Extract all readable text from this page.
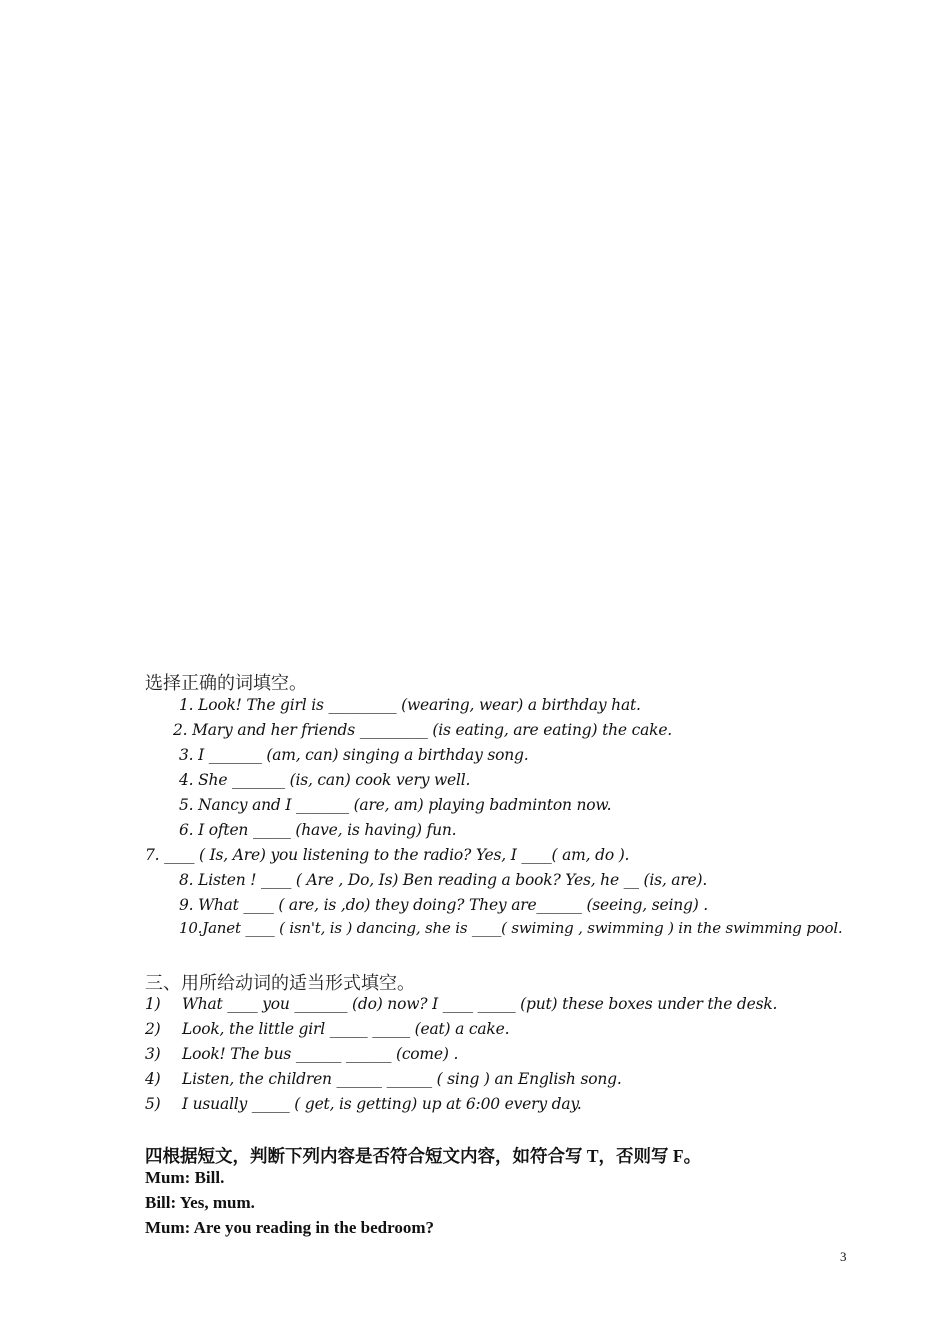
选择正确的词填空。
1. Look! The girl is _________ (wearing, wear) a birthday hat.
2. Mary and her friends _________ (is eating, are eating) the cake.
3. I _______ (am, can) singing a birthday song.
4. She _______ (is, can) cook very well.
5. Nancy and I _______ (are, am) playing badminton now.
6. I often _____ (have, is having) fun.
7. ____ ( Is, Are) you listening to the radio? Yes, I ____( am, do ).
8. Listen ! ____ ( Are , Do, Is) Ben reading a book? Yes, he __ (is, are).
9. What ____ ( are, is ,do) they doing? They are______ (seeing, seing) .
10.Janet ____ ( isn't, is ) dancing, she is ____( swiming , swimming ) in the swimming pool.
三、用所给动词的适当形式填空。
1) What ____ you _______ (do) now? I ____ _____ (put) these boxes under the desk.
2) Look, the little girl _____ _____ (eat) a cake.
3) Look! The bus ______ ______ (come) .
4) Listen, the children ______ ______ ( sing ) an English song.
5) I usually _____ ( get, is getting) up at 6:00 every day.
四根据短文，判断下列内容是否符合短文内容，如符合写 T，否则写 F。
Mum: Bill.
Bill: Yes, mum.
Mum: Are you reading in the bedroom?
3
